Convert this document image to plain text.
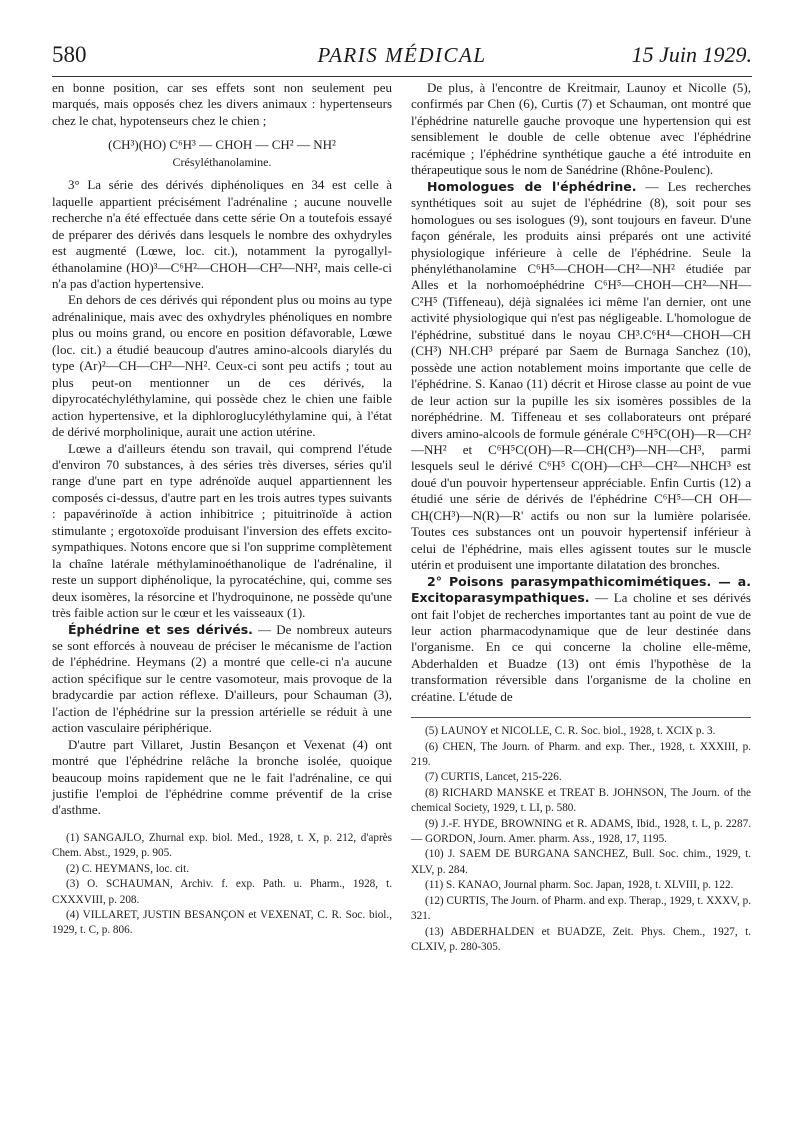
580	PARIS MÉDICAL	15 Juin 1929.

en bonne position, car ses effets sont non seulement peu marqués, mais opposés chez les divers animaux : hypertenseurs chez le chat, hypotenseurs chez le chien ;

(CH³)(HO) C⁶H³ — CHOH — CH² — NH²

Crésyléthanolamine.

3° La série des dérivés diphénoliques en 34 est celle à laquelle appartient précisément l'adrénaline ; aucune nouvelle recherche n'a été effectuée dans cette série On a toutefois essayé de préparer des dérivés dans lesquels le nombre des oxhydryles est augmenté (Lœwe, loc. cit.), notamment la pyrogallyl-éthanolamine (HO)³—C⁶H²—CHOH—CH²—NH², mais celle-ci n'a pas d'action hypertensive.

En dehors de ces dérivés qui répondent plus ou moins au type adrénalinique, mais avec des oxhydryles phénoliques en nombre plus ou moins grand, ou encore en position défavorable, Lœwe (loc. cit.) a étudié beaucoup d'autres amino-alcools diarylés du type (Ar)²—CH—CH²—NH². Ceux-ci sont peu actifs ; tout au plus peut-on mentionner un de ces dérivés, la dipyrocatéchyléthylamine, qui possède chez le chien une faible action hypertensive, et la diphloroglucyléthylamine qui, à l'état de dérivé morpholinique, aurait une action utérine.

Lœwe a d'ailleurs étendu son travail, qui comprend l'étude d'environ 70 substances, à des séries très diverses, séries qu'il range d'une part en type adrénoïde auquel appartiennent les composés ci-dessus, d'autre part en les trois autres types suivants : papavérinoïde à action inhibitrice ; pituitrinoïde à action stimulante ; ergotoxoïde produisant l'inversion des effets excito-sympathiques. Notons encore que si l'on supprime complètement la chaîne latérale méthylaminoéthanolique de l'adrénaline, il reste un support diphénolique, la pyrocatéchine, qui, comme ses deux isomères, la résorcine et l'hydroquinone, ne possède qu'une très faible action sur le cœur et les vaisseaux (1).

Éphédrine et ses dérivés. — De nombreux auteurs se sont efforcés à nouveau de préciser le mécanisme de l'action de l'éphédrine. Heymans (2) a montré que celle-ci n'a aucune action spécifique sur le centre vasomoteur, mais provoque de la bradycardie par action réflexe. D'ailleurs, pour Schauman (3), l'action de l'éphédrine sur la pression artérielle se réduit à une action vasculaire périphérique.

D'autre part Villaret, Justin Besançon et Vexenat (4) ont montré que l'éphédrine relâche la bronche isolée, quoique beaucoup moins rapidement que ne le fait l'adrénaline, ce qui justifie l'emploi de l'éphédrine comme préventif de la crise d'asthme.

(1) SANGAJLO, Zhurnal exp. biol. Med., 1928, t. X, p. 212, d'après Chem. Abst., 1929, p. 905.

(2) C. HEYMANS, loc. cit.

(3) O. SCHAUMAN, Archiv. f. exp. Path. u. Pharm., 1928, t. CXXXVIII, p. 208.

(4) VILLARET, JUSTIN BESANÇON et VEXENAT, C. R. Soc. biol., 1929, t. C, p. 806.

De plus, à l'encontre de Kreitmair, Launoy et Nicolle (5), confirmés par Chen (6), Curtis (7) et Schauman, ont montré que l'éphédrine naturelle gauche provoque une hypertension qui est sensiblement le double de celle obtenue avec l'éphédrine racémique ; l'éphédrine synthétique gauche a été introduite en thérapeutique sous le nom de Sanédrine (Rhône-Poulenc).

Homologues de l'éphédrine. — Les recherches synthétiques soit au sujet de l'éphédrine (8), soit pour ses homologues ou ses isologues (9), sont toujours en faveur. D'une façon générale, les produits ainsi préparés ont une activité physiologique inférieure à celle de l'éphédrine. Seule la phényléthanolamine C⁶H⁵—CHOH—CH²—NH² étudiée par Alles et la norhomoéphédrine C⁶H⁵—CHOH—CH²—NH—C²H⁵ (Tiffeneau), déjà signalées ici même l'an dernier, ont une activité physiologique qui n'est pas négligeable. L'homologue de l'éphédrine, substitué dans le noyau CH³.C⁶H⁴—CHOH—CH (CH³) NH.CH³ préparé par Saem de Burnaga Sanchez (10), possède une action notablement moins importante que celle de l'éphédrine. S. Kanao (11) décrit et Hirose classe au point de vue de leur action sur la pupille les six isomères possibles de la noréphédrine. M. Tiffeneau et ses collaborateurs ont préparé divers amino-alcools de formule générale C⁶H⁵C(OH)—R—CH²—NH² et C⁶H⁵C(OH)—R—CH(CH³)—NH—CH³, parmi lesquels seul le dérivé C⁶H⁵ C(OH)—CH³—CH²—NHCH³ est doué d'un pouvoir hypertenseur appréciable. Enfin Curtis (12) a étudié une série de dérivés de l'éphédrine C⁶H⁵—CH OH—CH(CH³)—N(R)—R' actifs ou non sur la lumière polarisée. Toutes ces substances ont un pouvoir hypertensif inférieur à celui de l'éphédrine, mais elles agissent toutes sur le muscle utérin et produisent une importante dilatation des bronches.

2° Poisons parasympathicomimétiques. — a. Excitoparasympathiques. — La choline et ses dérivés ont fait l'objet de recherches importantes tant au point de vue de leur action pharmacodynamique que de leur destinée dans l'organisme. En ce qui concerne la choline elle-même, Abderhalden et Buadze (13) ont émis l'hypothèse de la transformation réversible dans l'organisme de la choline en créatine. L'étude de

(5) LAUNOY et NICOLLE, C. R. Soc. biol., 1928, t. XCIX p. 3.

(6) CHEN, The Journ. of Pharm. and exp. Ther., 1928, t. XXXIII, p. 219.

(7) CURTIS, Lancet, 215-226.

(8) RICHARD MANSKE et TREAT B. JOHNSON, The Journ. of the chemical Society, 1929, t. LI, p. 580.

(9) J.-F. HYDE, BROWNING et R. ADAMS, Ibid., 1928, t. L, p. 2287. — GORDON, Journ. Amer. pharm. Ass., 1928, 17, 1195.

(10) J. SAEM DE BURGANA SANCHEZ, Bull. Soc. chim., 1929, t. XLV, p. 284.

(11) S. KANAO, Journal pharm. Soc. Japan, 1928, t. XLVIII, p. 122.

(12) CURTIS, The Journ. of Pharm. and exp. Therap., 1929, t. XXXV, p. 321.

(13) ABDERHALDEN et BUADZE, Zeit. Phys. Chem., 1927, t. CLXIV, p. 280-305.
